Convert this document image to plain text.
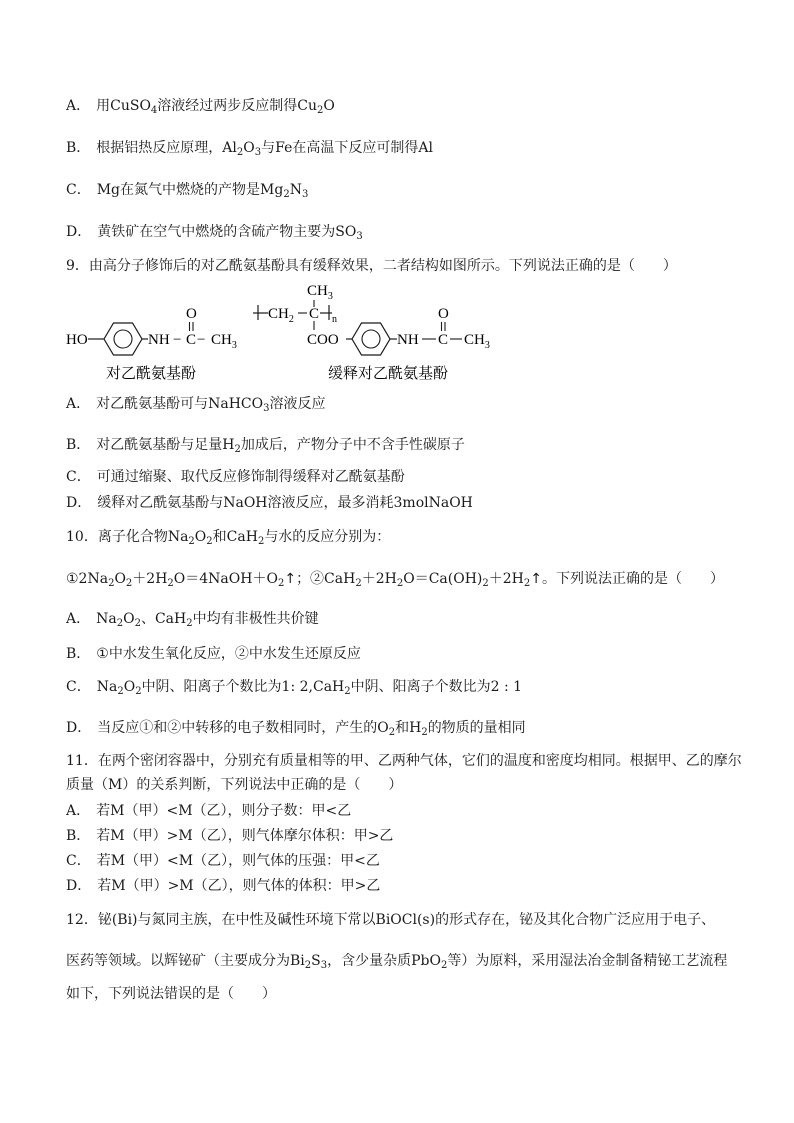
A． 用CuSO$_4$溶液经过两步反应制得$Cu_2O$
B． 根据铝热反应原理，$Al_2O_3$与Fe在高温下反应可制得Al
C． Mg在氮气中燃烧的产物是$Mg_2N_3$
D． 黄铁矿在空气中燃烧的含硫产物主要为$SO_3$
9．由高分子修饰后的对乙酰氨基酚具有缓释效果，二者结构如图所示。下列说法正确的是（　　）
HO	NH − $C - CH_3$
O
对乙酰氨基酚
$CH_2$ C n
$CH_3$
COO	NH C $CH_3$
O
缓释对乙酰氨基酚
A． 对乙酰氨基酚可与NaHCO$_3$溶液反应
B． 对乙酰氨基酚与足量$H_2$加成后，产物分子中不含手性碳原子
C． 可通过缩聚、取代反应修饰制得缓释对乙酰氨基酚
D． 缓释对乙酰氨基酚与NaOH溶液反应，最多消耗3molNaOH
10．离子化合物$Na_2O_2$和CaH$_2$与水的反应分别为：
$①2Na_2O_2+2H_2O=4NaOH+O_2↑$；$②CaH_2+2H_2O=Ca(OH)_2+2H_2↑$。下列说法正确的是（　　）
A． $Na_2O_2$、CaH$_2$中均有非极性共价键
B． ①中水发生氧化反应，②中水发生还原反应
C． $Na_2O_2$中阴、阳离子个数比为1: 2,CaH$_2$中阴、阳离子个数比为2 : 1
D． 当反应①和②中转移的电子数相同时，产生的$O_2$和$H_2$的物质的量相同
11．在两个密闭容器中，分别充有质量相等的甲、乙两种气体，它们的温度和密度均相同。根据甲、乙的摩尔
质量（M）的关系判断，下列说法中正确的是（　　）
A． 若M（甲）<M（乙），则分子数：甲<乙
B． 若M（甲）>M（乙），则气体摩尔体积：甲>乙
C． 若M（甲）<M（乙），则气体的压强：甲<乙
D． 若M（甲）>M（乙），则气体的体积：甲>乙
12．铋(Bi)与氮同主族，在中性及碱性环境下常以BiOCl(s)的形式存在，铋及其化合物广泛应用于电子、
医药等领域。以辉铋矿（主要成分为$Bi_2S_3$，含少量杂质PbO$_2$等）为原料，采用湿法冶金制备精铋工艺流程
如下，下列说法错误的是（　　）
